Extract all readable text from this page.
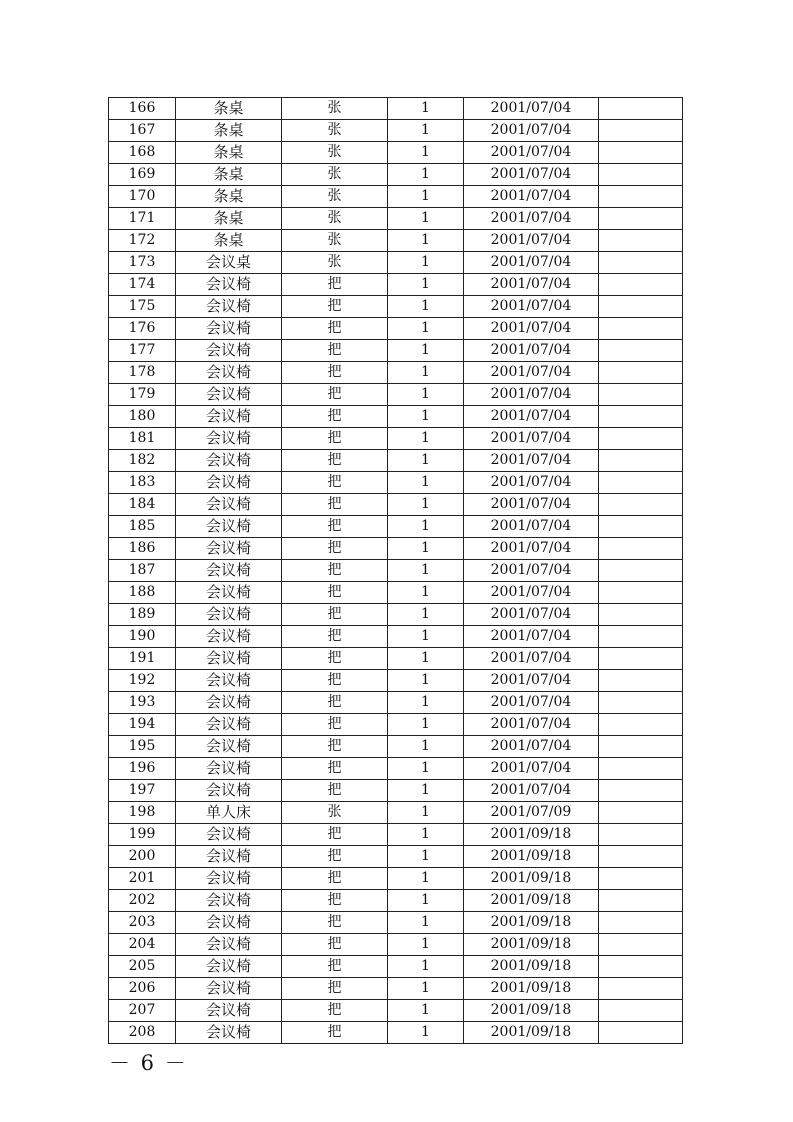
166	条桌	张	1	2001/07/04	
167	条桌	张	1	2001/07/04	
168	条桌	张	1	2001/07/04	
169	条桌	张	1	2001/07/04	
170	条桌	张	1	2001/07/04	
171	条桌	张	1	2001/07/04	
172	条桌	张	1	2001/07/04	
173	会议桌	张	1	2001/07/04	
174	会议椅	把	1	2001/07/04	
175	会议椅	把	1	2001/07/04	
176	会议椅	把	1	2001/07/04	
177	会议椅	把	1	2001/07/04	
178	会议椅	把	1	2001/07/04	
179	会议椅	把	1	2001/07/04	
180	会议椅	把	1	2001/07/04	
181	会议椅	把	1	2001/07/04	
182	会议椅	把	1	2001/07/04	
183	会议椅	把	1	2001/07/04	
184	会议椅	把	1	2001/07/04	
185	会议椅	把	1	2001/07/04	
186	会议椅	把	1	2001/07/04	
187	会议椅	把	1	2001/07/04	
188	会议椅	把	1	2001/07/04	
189	会议椅	把	1	2001/07/04	
190	会议椅	把	1	2001/07/04	
191	会议椅	把	1	2001/07/04	
192	会议椅	把	1	2001/07/04	
193	会议椅	把	1	2001/07/04	
194	会议椅	把	1	2001/07/04	
195	会议椅	把	1	2001/07/04	
196	会议椅	把	1	2001/07/04	
197	会议椅	把	1	2001/07/04	
198	单人床	张	1	2001/07/09	
199	会议椅	把	1	2001/09/18	
200	会议椅	把	1	2001/09/18	
201	会议椅	把	1	2001/09/18	
202	会议椅	把	1	2001/09/18	
203	会议椅	把	1	2001/09/18	
204	会议椅	把	1	2001/09/18	
205	会议椅	把	1	2001/09/18	
206	会议椅	把	1	2001/09/18	
207	会议椅	把	1	2001/09/18	
208	会议椅	把	1	2001/09/18	
－ 6 －
